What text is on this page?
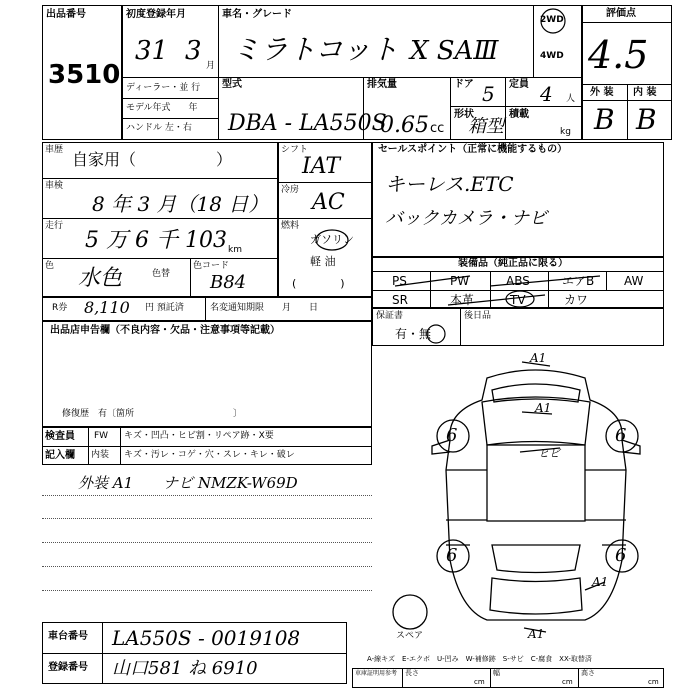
出品番号
3510
初度登録年月
31 3 月
車名・グレード
ミラトコット X SAⅢ
2WD
4WD
ディーラー・並 行
モデル年式　　年
ハンドル 左・右
型式
DBA - LA550S
排気量
0.65 cc
ドア 5
形状
箱型
定員 4 人
積載
kg
評価点
4.5
外 装 内 装
B B
車歴 自家用（　　　　　）
車検
8 年 3 月（18 日）
走行
5 万 6 千 103 km
色 水色	色替
色コード
B84
シフト
IAT
冷房 AC
燃料
ガソリン
軽 油
(　　　　)
セールスポイント（正常に機能するもの）
キーレス.ETC
バックカメラ・ナビ
装備品（純正品に限る）
PS	PW	ABS	エアB AW
SR	本革	TV	カワ
R券 8,110 円 預託済	名変通知期限　　月　　日
保証書
有・無
後日品
出品店申告欄（不良内容・欠品・注意事項等記載）
修復歴　有〔箇所　　　　　　　　　　　〕
検査員
記入欄
FW キズ・凹凸・ヒビ割・リペア跡・X要
内装 キズ・汚レ・コゲ・穴・スレ・キレ・破レ
外装 A1　　ナビ NMZK-W69D
A1
A1
ヒビ
A1
A1
6	6
6	6
スペア
A-線キズ　E-エクボ　U-凹み　W-補修跡　S-サビ　C-腐食　XX-取替済
車台番号 LA550S - 0019108
登録番号 山口581 ね 6910	車庫証明用参考	長さ
cm
幅
cm
高さ
cm
